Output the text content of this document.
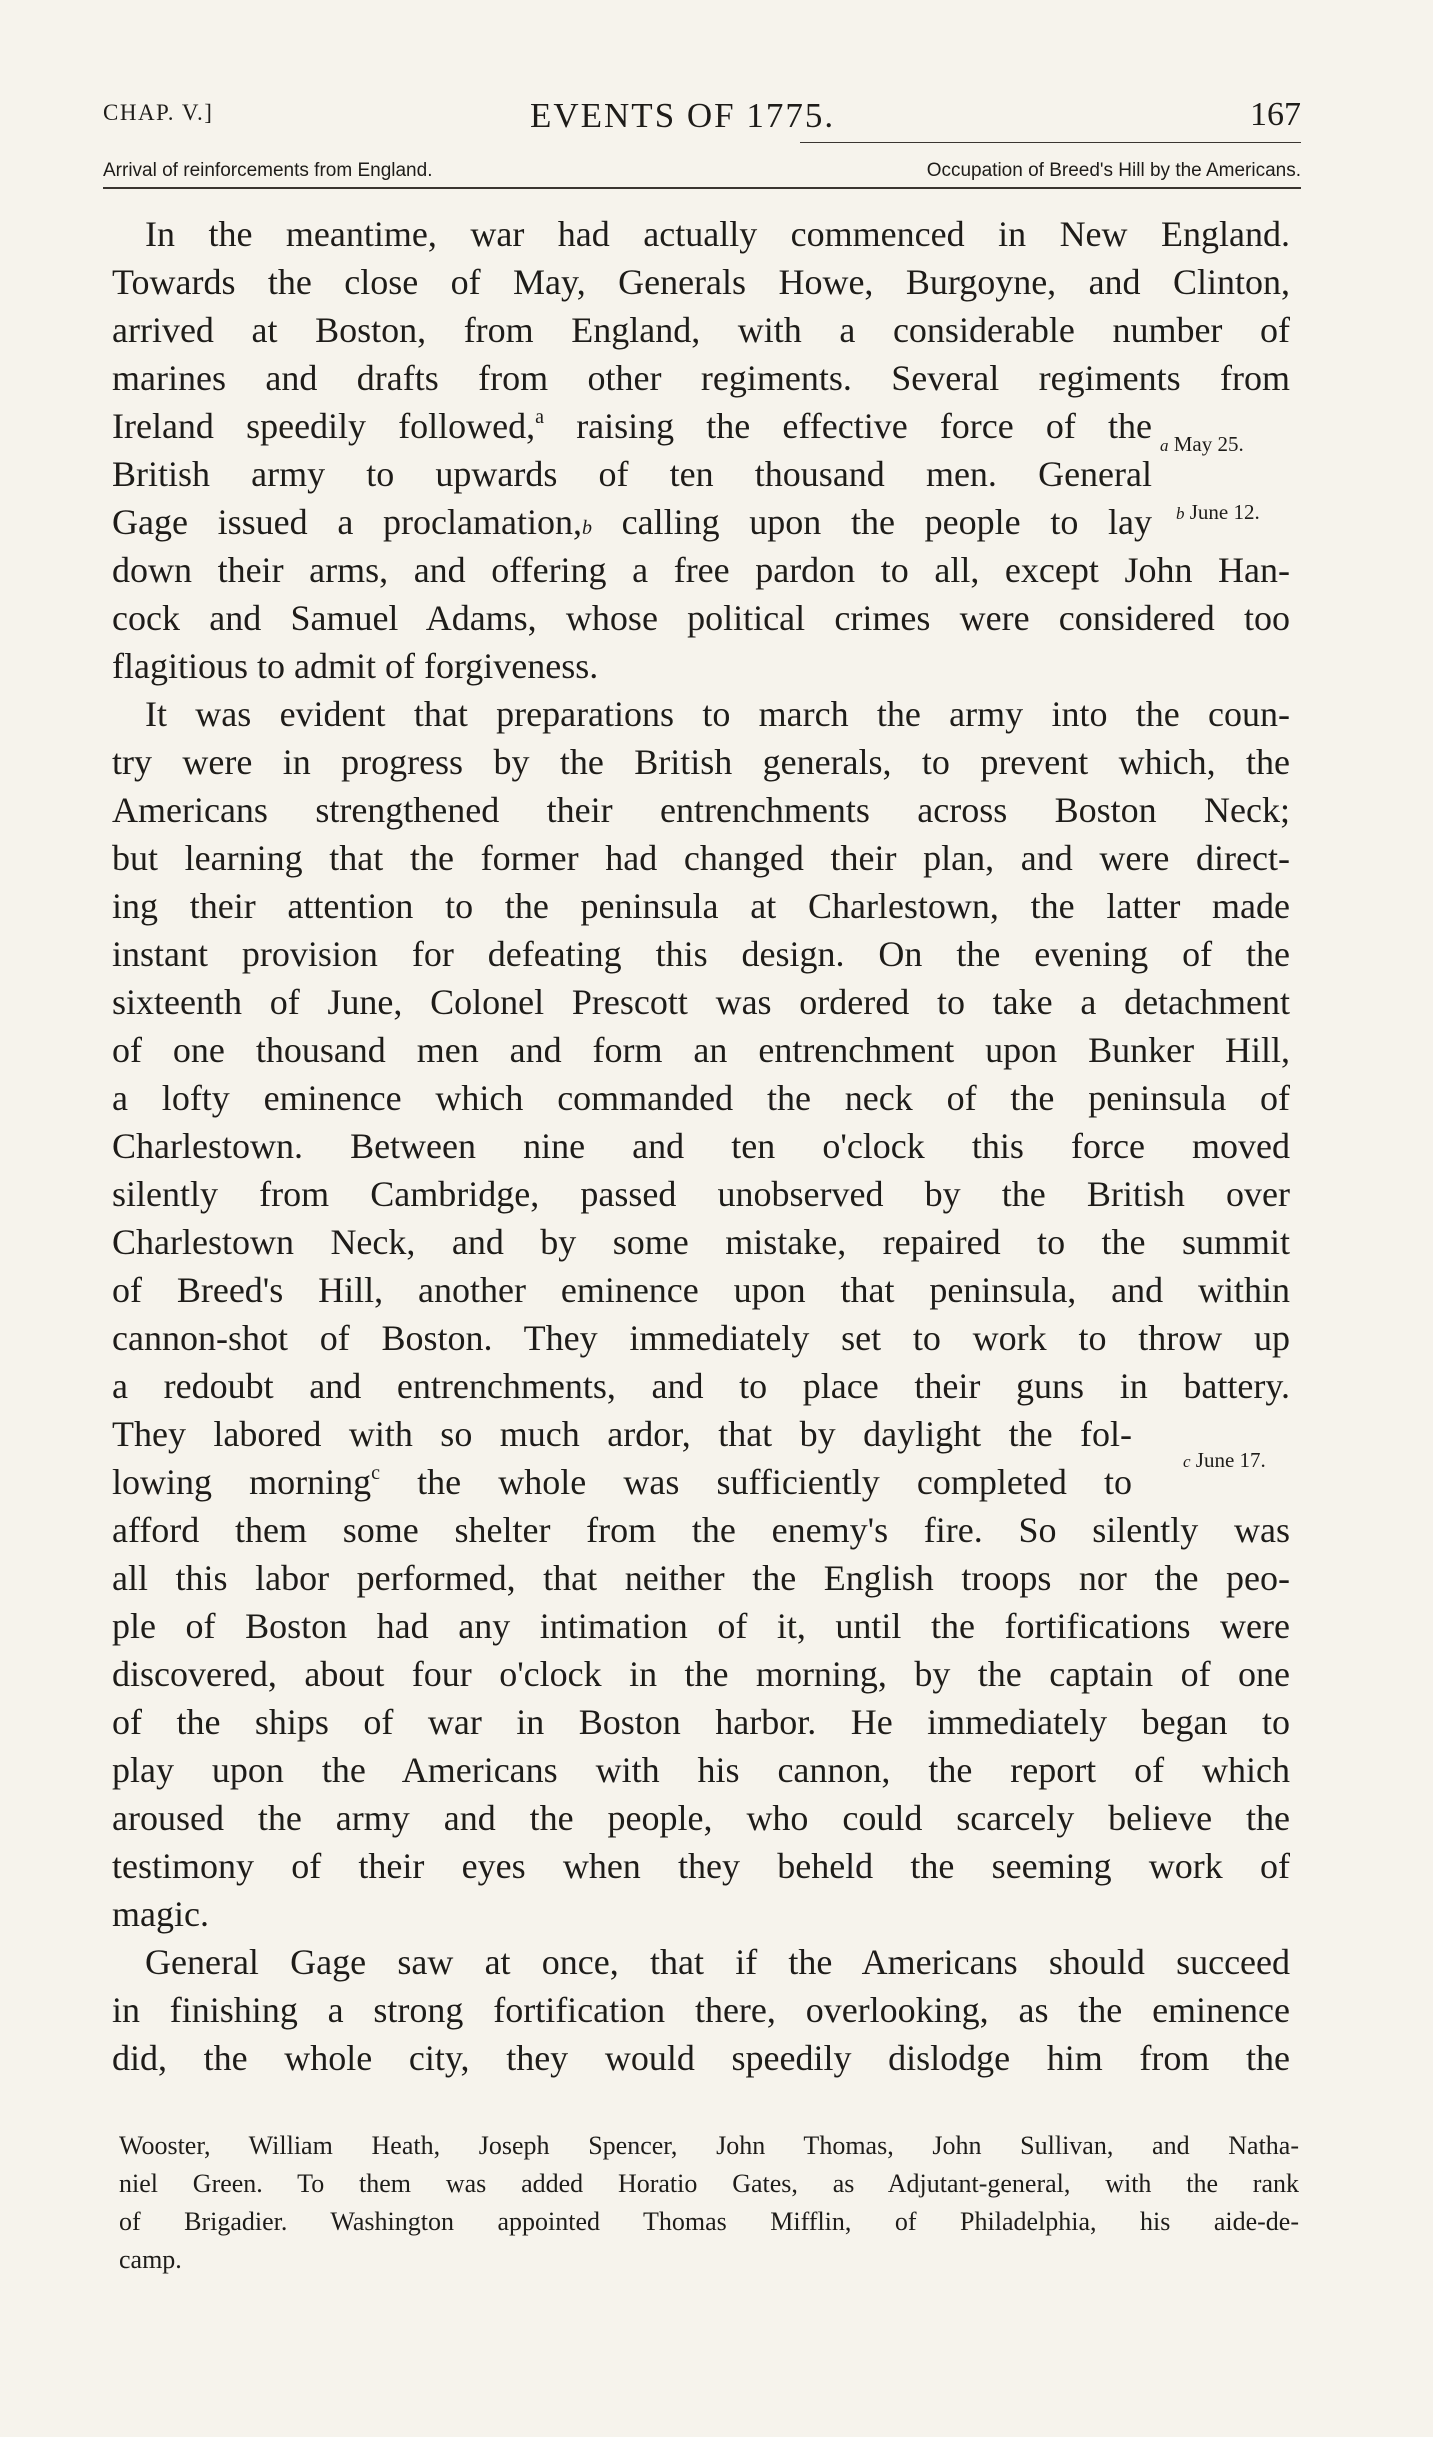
CHAP. V.]	EVENTS OF 1775.	167
Arrival of reinforcements from England.	Occupation of Breed's Hill by the Americans.
In the meantime, war had actually commenced in New England.
Towards the close of May, Generals Howe, Burgoyne, and Clinton,
arrived at Boston, from England, with a considerable number of
marines and drafts from other regiments. Several regiments from
Ireland speedily followed,$^a$ raising the effective force of the
British army to upwards of ten thousand men. General
Gage issued a proclamation,b calling upon the people to lay
down their arms, and offering a free pardon to all, except John Han-
cock and Samuel Adams, whose political crimes were considered too
flagitious to admit of forgiveness.
It was evident that preparations to march the army into the coun-
try were in progress by the British generals, to prevent which, the
Americans strengthened their entrenchments across Boston Neck;
but learning that the former had changed their plan, and were direct-
ing their attention to the peninsula at Charlestown, the latter made
instant provision for defeating this design. On the evening of the
sixteenth of June, Colonel Prescott was ordered to take a detachment
of one thousand men and form an entrenchment upon Bunker Hill,
a lofty eminence which commanded the neck of the peninsula of
Charlestown. Between nine and ten o'clock this force moved
silently from Cambridge, passed unobserved by the British over
Charlestown Neck, and by some mistake, repaired to the summit
of Breed's Hill, another eminence upon that peninsula, and within
cannon-shot of Boston. They immediately set to work to throw up
a redoubt and entrenchments, and to place their guns in battery.
They labored with so much ardor, that by daylight the fol-
lowing morning$^c$ the whole was sufficiently completed to
afford them some shelter from the enemy's fire. So silently was
all this labor performed, that neither the English troops nor the peo-
ple of Boston had any intimation of it, until the fortifications were
discovered, about four o'clock in the morning, by the captain of one
of the ships of war in Boston harbor. He immediately began to
play upon the Americans with his cannon, the report of which
aroused the army and the people, who could scarcely believe the
testimony of their eyes when they beheld the seeming work of
magic.
General Gage saw at once, that if the Americans should succeed
in finishing a strong fortification there, overlooking, as the eminence
did, the whole city, they would speedily dislodge him from the
a May 25.
b June 12.
c June 17.
Wooster, William Heath, Joseph Spencer, John Thomas, John Sullivan, and Natha-
niel Green. To them was added Horatio Gates, as Adjutant-general, with the rank
of Brigadier. Washington appointed Thomas Mifflin, of Philadelphia, his aide-de-
camp.
